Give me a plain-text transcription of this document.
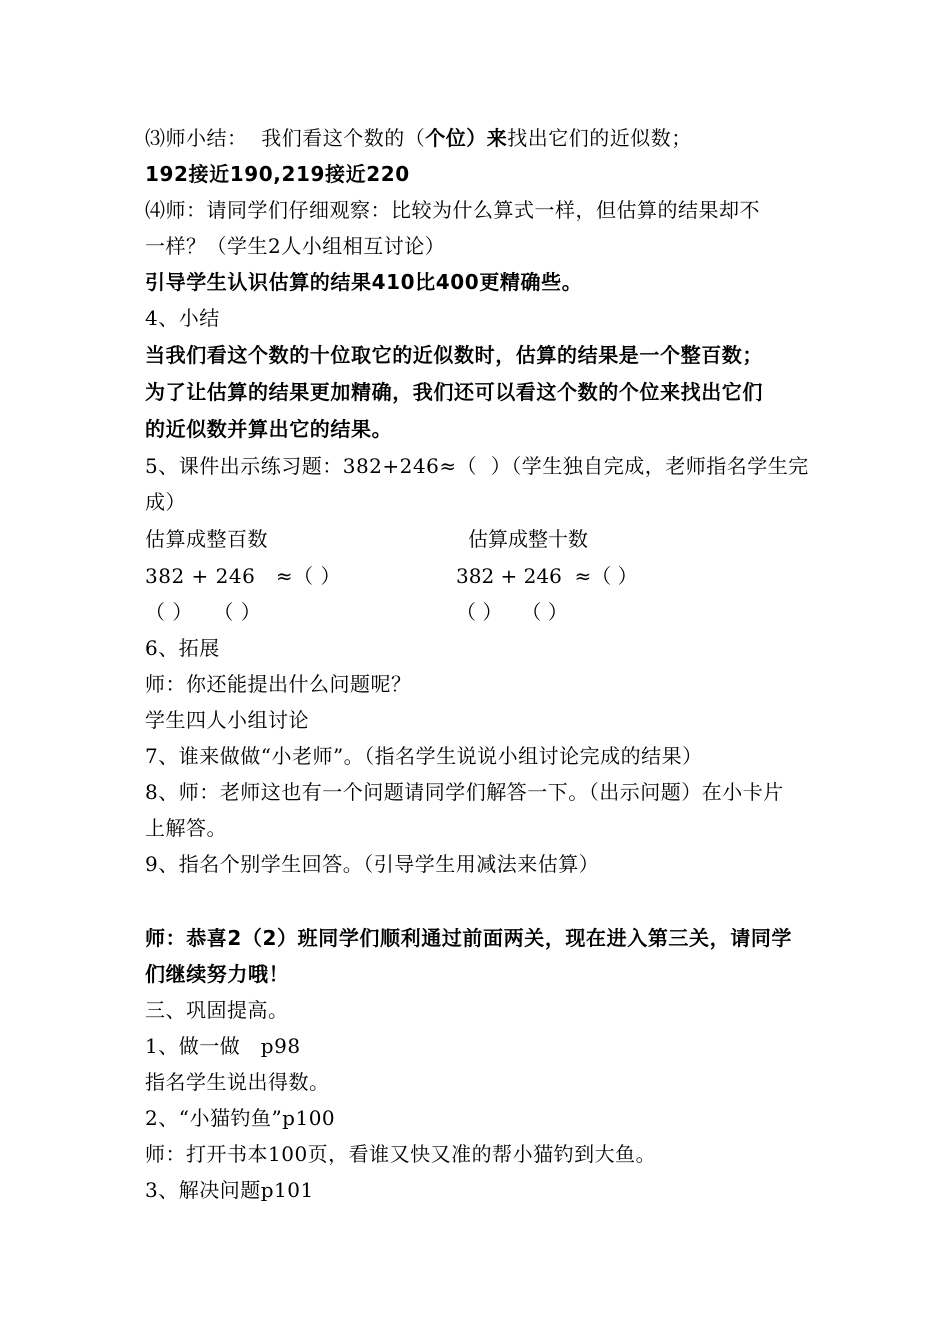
⑶师小结：  我们看这个数的（个位）来找出它们的近似数；
192接近190,219接近220
⑷师：请同学们仔细观察：比较为什么算式一样，但估算的结果却不
一样？（学生2人小组相互讨论）
引导学生认识估算的结果410比400更精确些。
4、小结
当我们看这个数的十位取它的近似数时，估算的结果是一个整百数；
为了让估算的结果更加精确，我们还可以看这个数的个位来找出它们
的近似数并算出它的结果。
5、课件出示练习题：382+246≈（  ）（学生独自完成，老师指名学生完
成）
估算成整百数	估算成整十数
382 + 246   ≈（ ）	382 + 246  ≈（ ）
（ ）   （ ）	（ ）   （ ）
6、拓展
师：你还能提出什么问题呢？
学生四人小组讨论
7、谁来做做“小老师”。（指名学生说说小组讨论完成的结果）
8、师：老师这也有一个问题请同学们解答一下。（出示问题）在小卡片
上解答。
9、指名个别学生回答。（引导学生用减法来估算）
师：恭喜2（2）班同学们顺利通过前面两关，现在进入第三关，请同学
们继续努力哦！
三、巩固提高。
1、做一做   p98
指名学生说出得数。
2、“小猫钓鱼”p100
师：打开书本100页，看谁又快又准的帮小猫钓到大鱼。
3、解决问题p101
